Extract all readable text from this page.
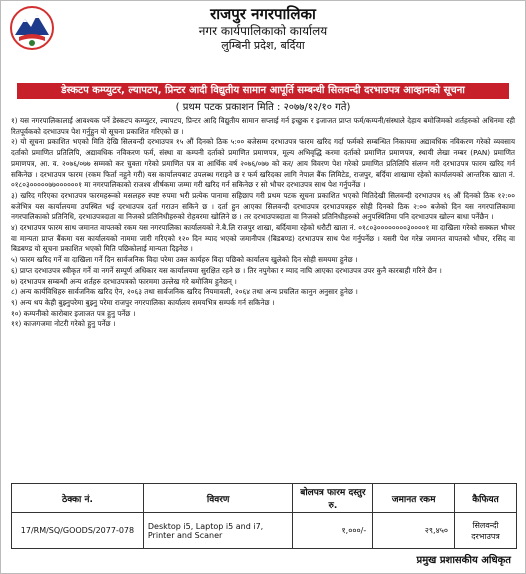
राजपुर नगरपालिका
नगर कार्यपालिकाको कार्यालय
लुम्बिनी प्रदेश, बर्दिया
डेस्कटप कम्प्युटर, ल्यापटप, प्रिन्टर आदी विद्युतीय सामान आपूर्ति सम्बन्धी सिलवन्दी दरभाउपत्र आव्हानको सूचना
( प्रथम पटक प्रकाशन मिति : २०७७/१२/१० गते)

१) यस नगरपालिकालाई आवश्यक पर्ने डेस्कटप कम्प्युटर, ल्यापटप, प्रिन्टर आदि विद्युतीय सामान सप्लाई गर्न इच्छुक र इजाजत प्राप्त फर्म/कम्पनी/संस्थाले देहाय बमोजिमको शर्तहरुको अधिनमा रही रितपूर्वकको दरभाउपत्र पेश गर्नुहुन यो सूचना प्रकाशित गरिएको छ ।

२) यो सूचना प्रकाशित भएको मिति देखि सिलवन्दी दरभाउपत्र १५ औं दिनको ठिक ५:०० बजेसम्म दरभाउपत्र फारम खरिद गर्दा फर्मको सम्बन्धित निकायमा अद्यावधिक नविकरण गरेको व्यवसाय दर्ताको प्रमाणित प्रतिलिपि, अद्यावधिक नविकरण फर्म, संस्था वा कम्पनी दर्ताको प्रमाणित प्रमाणपत्र, मूल्य अभिवृद्धि करमा दर्ताको प्रमाणित प्रमाणपत्र, स्थायी लेखा नम्बर (PAN) प्रमाणित प्रमाणपत्र, आ. व. २०७६/०७७ सम्मको कर चुक्ता गरेको प्रमाणित पत्र वा आर्थिक वर्ष २०७६/०७७ को कर/ आय विवरण पेश गरेको प्रमाणित प्रतिलिपि संलग्न गरी दरभाउपत्र फारम खरिद गर्न सकिनेछ । दरभाउपत्र फारम (रकम फिर्ता नहुने गरी) यस कार्यालयबाट उपलब्ध गराइने छ र फर्म खरिदका लागि नेपाल बैंक लिमिटेड, राजपुर, बर्दिया शाखामा रहेको कार्यालयको आन्तरिक खाता नं. ०१८०३०००००७७००००००१ मा नगरपालिकाको राजश्व शीर्षकमा जम्मा गरी खरिद गर्न सकिनेछ र सो भौचर दरभाउपत्र साथ पेश गर्नुपर्नेछ ।

३) खरिद गरिएका दरभाउपत्र फारमहरूको मसलहरु स्पष्ट रुपमा भरी प्रत्येक पानामा सहिछाप गरी प्रथम पटक सूचना प्रकाशित भएको मितिदेखी सिलवन्दी दरभाउपत्र १६ औं दिनको ठिक १२:०० बजेभित्र यस कार्यालयमा उपस्थित भई दरभाउपत्र दर्ता गराउन सकिने छ । दर्ता हुन आएका सिलवन्दी दरभाउपत्र दरभाउपत्रहरु सोही दिनको ठिक २:०० बजेको दिन यस नगरपालिकामा नगरपालिकाको प्रतिनिधि, दरभाउपत्रदाता वा निजको प्रतिनिधीहरुको रोहवरमा खोलिने छ । तर दरभाउपत्रदाता वा निजको प्रतिनिधीहरुको अनुपस्थितिमा पनि दरभाउपत्र खोल्न बाधा पर्नेछैन ।

४) दरभाउपत्र फारम साथ जमानत वापतको रकम यस नगरपालिका कार्यालयको ने.बै.लि राजपुर शाखा, बर्दियामा रहेको धरौटी खाता नं. ०१८०३००००००००३००००१ मा दाखिला गरेको सक्कल भौचर वा मान्यता प्राप्त बैंकमा यस कार्यालयको नाममा जारी गरिएको १२० दिन म्याद भएको जमानीपत्र (बिडबण्ड) दरभाउपत्र साथ पेश गर्नुपर्नेछ । यसरी पेश गरेन्न जमानत वापतको भौचर, रसिद वा बिडबण्ड यो सूचना प्रकाशित भएको मिति पछिकोलाई मान्यता दिइनेछ ।

५) फारम खरिद गर्ने वा दाखिला गर्ने दिन सार्वजनिक विदा परेमा उक्त कार्यहरु विदा पछिको कार्यालय खुलेको दिन सोही समयमा हुनेछ ।

६) प्राप्त दरभाउपत्र स्वीकृत गर्ने वा नगर्ने सम्पूर्ण अधिकार यस कार्यालयमा सुरक्षित रहने छ । तिर नपुगेका र म्याद नाघि आएका दरभाउपत्र उपर कुनै कारबाही गरिने छैन ।

७) दरभाउपत्र सम्बन्धी अन्य शर्तहरु दरभाउपत्रको फारममा उल्लेख गरे बमोजिम हुनेछन् ।

८) अन्य कार्यविधिहरु सार्वजनिक खरिद ऐन, २०६३ तथा सार्वजनिक खरिद नियमावली, २०६४ तथा अन्य प्रचलित कानुन अनुसार हुनेछ ।

९) अन्य थप केही बुझ्नुपरेमा बुझ्नु परेमा राजपुर नगरपालिका कार्यालय समयभित्र सम्पर्क गर्न सकिनेछ ।

१०) कम्पनीको कारोबार इजाजत पत्र हुनु पर्नेछ ।

११) काजगजमा नोटरी गरेको हुनु पर्नेछ ।

ठेक्का नं.	विवरण	बोलपत्र फारम दस्तुर रु.	जमानत रकम	कैफियत
17/RM/SQ/GOODS/2077-078	Desktop i5, Laptop i5 and i7, Printer and Scaner	१,०००/-	२९,४५०	सिलवन्दी दरभाउपत्र
प्रमुख प्रशासकीय अधिकृत
